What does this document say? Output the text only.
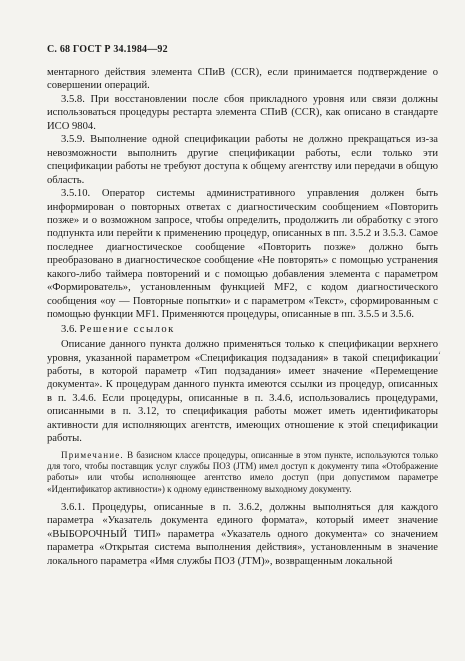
С. 68 ГОСТ Р 34.1984—92

ментарного действия элемента СПиВ (CCR), если принимается подтверждение о совершении операций.

3.5.8. При восстановлении после сбоя прикладного уровня или связи должны использоваться процедуры рестарта элемента СПиВ (CCR), как описано в стандарте ИСО 9804.

3.5.9. Выполнение одной спецификации работы не должно прекращаться из-за невозможности выполнить другие спецификации работы, если только эти спецификации работы не требуют доступа к общему агентству или передачи в общую область.

3.5.10. Оператор системы административного управления должен быть информирован о повторных ответах с диагностическим сообщением «Повторить позже» и о возможном запросе, чтобы определить, продолжить ли обработку с этого подпункта или перейти к применению процедур, описанных в пп. 3.5.2 и 3.5.3. Самое последнее диагностическое сообщение «Повторить позже» должно быть преобразовано в диагностическое сообщение «Не повторять» с помощью устранения какого-либо таймера повторений и с помощью добавления элемента с параметром «Формирователь», установленным функцией MF2, с кодом диагностического сообщения «оу — Повторные попытки» и с параметром «Текст», сформированным с помощью функции MF1. Применяются процедуры, описанные в пп. 3.5.5 и 3.5.6.

3.6. Решение ссылок

Описание данного пункта должно применяться только к спецификации верхнего уровня, указанной параметром «Спецификация подзадания» в такой спецификации работы, в которой параметр «Тип подзадания» имеет значение «Перемещение документа». К процедурам данного пункта имеются ссылки из процедур, описанных в п. 3.4.6. Если процедуры, описанные в п. 3.4.6, использовались процедурами, описанными в п. 3.12, то спецификация работы может иметь идентификаторы активности для исполняющих агентств, имеющих отношение к этой спецификации работы.

Примечание. В базисном классе процедуры, описанные в этом пункте, используются только для того, чтобы поставщик услуг службы ПОЗ (JTM) имел доступ к документу типа «Отображение работы» или чтобы исполняющее агентство имело доступ (при допустимом параметре «Идентификатор активности») к одному единственному выходному документу.

3.6.1. Процедуры, описанные в п. 3.6.2, должны выполняться для каждого параметра «Указатель документа единого формата», который имеет значение «ВЫБОРОЧНЫЙ ТИП» параметра «Указатель одного документа» со значением параметра «Открытая система выполнения действия», установленным в значение локального параметра «Имя службы ПОЗ (JTM)», возвращенным локальной

‘
